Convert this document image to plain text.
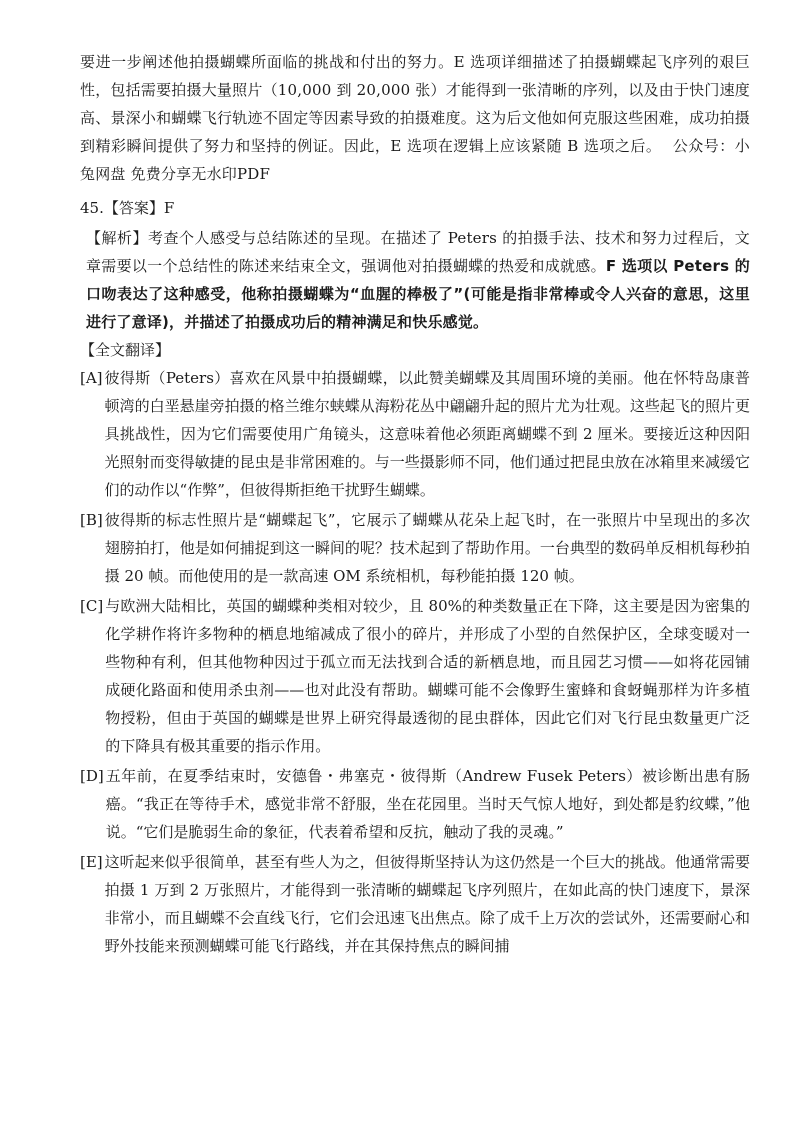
要进一步阐述他拍摄蝴蝶所面临的挑战和付出的努力。E 选项详细描述了拍摄蝴蝶起飞序列的艰巨性，包括需要拍摄大量照片（10,000 到 20,000 张）才能得到一张清晰的序列，以及由于快门速度高、景深小和蝴蝶飞行轨迹不固定等因素导致的拍摄难度。这为后文他如何克服这些困难，成功拍摄到精彩瞬间提供了努力和坚持的例证。因此，E 选项在逻辑上应该紧随 B 选项之后。 公众号：小兔网盘 免费分享无水印PDF

45.【答案】F

【解析】考查个人感受与总结陈述的呈现。在描述了 Peters 的拍摄手法、技术和努力过程后，文章需要以一个总结性的陈述来结束全文，强调他对拍摄蝴蝶的热爱和成就感。F 选项以 Peters 的口吻表达了这种感受，他称拍摄蝴蝶为“血腥的棒极了”(可能是指非常棒或令人兴奋的意思，这里进行了意译)，并描述了拍摄成功后的精神满足和快乐感觉。

【全文翻译】

[A] 彼得斯（Peters）喜欢在风景中拍摄蝴蝶，以此赞美蝴蝶及其周围环境的美丽。他在怀特岛康普顿湾的白垩悬崖旁拍摄的格兰维尔蛱蝶从海粉花丛中翩翩升起的照片尤为壮观。这些起飞的照片更具挑战性，因为它们需要使用广角镜头，这意味着他必须距离蝴蝶不到 2 厘米。要接近这种因阳光照射而变得敏捷的昆虫是非常困难的。与一些摄影师不同，他们通过把昆虫放在冰箱里来减缓它们的动作以“作弊”，但彼得斯拒绝干扰野生蝴蝶。
[B] 彼得斯的标志性照片是“蝴蝶起飞”，它展示了蝴蝶从花朵上起飞时，在一张照片中呈现出的多次翅膀拍打，他是如何捕捉到这一瞬间的呢？技术起到了帮助作用。一台典型的数码单反相机每秒拍摄 20 帧。而他使用的是一款高速 OM 系统相机，每秒能拍摄 120 帧。
[C] 与欧洲大陆相比，英国的蝴蝶种类相对较少，且 80%的种类数量正在下降，这主要是因为密集的化学耕作将许多物种的栖息地缩减成了很小的碎片，并形成了小型的自然保护区，全球变暖对一些物种有利，但其他物种因过于孤立而无法找到合适的新栖息地，而且园艺习惯——如将花园铺成硬化路面和使用杀虫剂——也对此没有帮助。蝴蝶可能不会像野生蜜蜂和食蚜蝇那样为许多植物授粉，但由于英国的蝴蝶是世界上研究得最透彻的昆虫群体，因此它们对飞行昆虫数量更广泛的下降具有极其重要的指示作用。
[D] 五年前，在夏季结束时，安德鲁・弗塞克・彼得斯（Andrew Fusek Peters）被诊断出患有肠癌。“我正在等待手术，感觉非常不舒服，坐在花园里。当时天气惊人地好，到处都是豹纹蝶，”他说。“它们是脆弱生命的象征，代表着希望和反抗，触动了我的灵魂。”
[E] 这听起来似乎很简单，甚至有些人为之，但彼得斯坚持认为这仍然是一个巨大的挑战。他通常需要拍摄 1 万到 2 万张照片，才能得到一张清晰的蝴蝶起飞序列照片，在如此高的快门速度下，景深非常小，而且蝴蝶不会直线飞行，它们会迅速飞出焦点。除了成千上万次的尝试外，还需要耐心和野外技能来预测蝴蝶可能飞行路线，并在其保持焦点的瞬间捕
